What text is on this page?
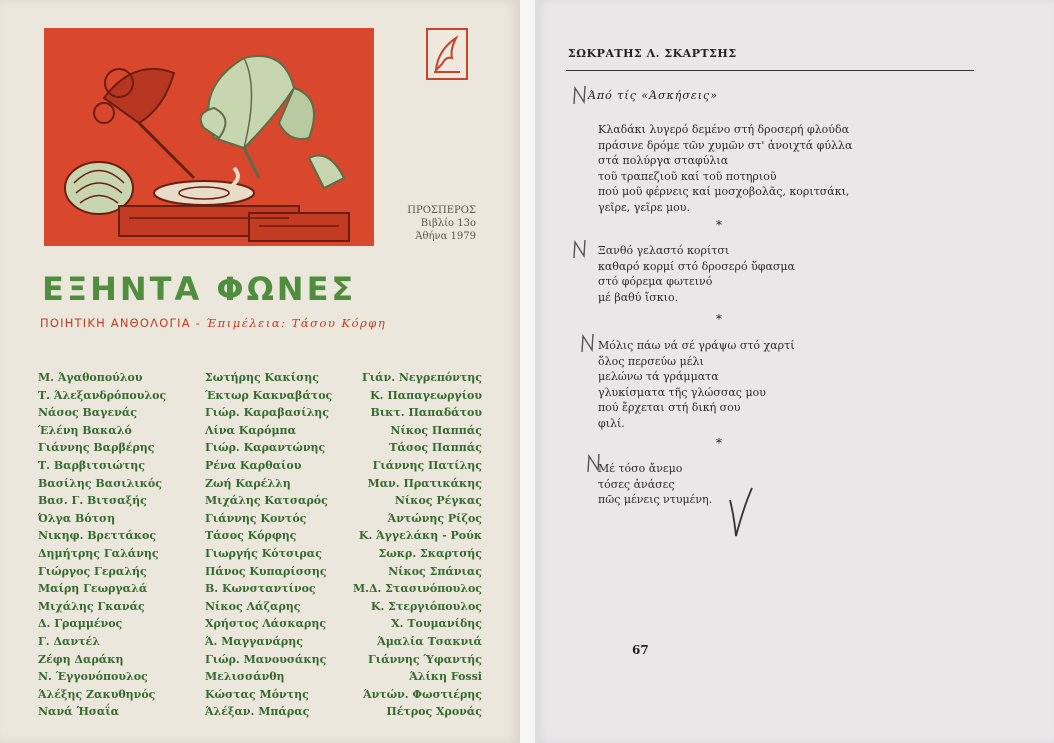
ΠΡΟΣΠΕΡΟΣ
Βιβλίο 13ο
Άθήνα 1979
ΕΞΗΝΤΑ ΦΩΝΕΣ
ΠΟΙΗΤΙΚΗ ΑΝΘΟΛΟΓΙΑ - Έπιμέλεια: Τάσου Κόρφη
Μ. Άγαθοπούλου
Τ. Άλεξανδρόπουλος
Νάσος Βαγενάς
Έλένη Βακαλό
Γιάννης Βαρβέρης
Τ. Βαρβιτσιώτης
Βασίλης Βασιλικός
Βασ. Γ. Βιτσαξής
Όλγα Βότση
Νικηφ. Βρεττάκος
Δημήτρης Γαλάνης
Γιώργος Γεραλής
Μαίρη Γεωργαλά
Μιχάλης Γκανάς
Δ. Γραμμένος
Γ. Δαντέλ
Ζέφη Δαράκη
Ν. Έγγονόπουλος
Άλέξης Ζακυθηνός
Νανά Ήσαΐα
Σωτήρης Κακίσης
Έκτωρ Κακναβάτος
Γιώρ. Καραβασίλης
Λίνα Καρόμπα
Γιώρ. Καραντώνης
Ρένα Καρθαίου
Ζωή Καρέλλη
Μιχάλης Κατσαρός
Γιάννης Κοντός
Τάσος Κόρφης
Γιωργής Κότσιρας
Πάνος Κυπαρίσσης
Β. Κωνσταντίνος
Νίκος Λάζαρης
Χρήστος Λάσκαρης
Ά. Μαγγανάρης
Γιώρ. Μανουσάκης
Μελισσάνθη
Κώστας Μόντης
Άλέξαν. Μπάρας
Γιάν. Νεγρεπόντης
Κ. Παπαγεωργίου
Βικτ. Παπαδάτου
Νίκος Παππάς
Τάσος Παππάς
Γιάννης Πατίλης
Μαν. Πρατικάκης
Νίκος Ρέγκας
Άντώνης Ρίζος
Κ. Άγγελάκη - Ρούκ
Σωκρ. Σκαρτσής
Νίκος Σπάνιας
Μ.Δ. Στασινόπουλος
Κ. Στεργιόπουλος
Χ. Τουμανίδης
Άμαλία Τσακνιά
Γιάννης Ύφαντής
Άλίκη Fossi
Άντών. Φωστιέρης
Πέτρος Χρονάς
ΣΩΚΡΑΤΗΣ Λ. ΣΚΑΡΤΣΗΣ
Άπό τίς «Άσκήσεις»
Κλαδάκι λυγερό δεμένο στή δροσερή φλούδα
πράσινε δρόμε τῶν χυμῶν στ' ἀνοιχτά φύλλα
στά πολύργα σταφύλια
τοῦ τραπεζιοῦ καί τοῦ ποτηριοῦ
πού μοῦ φέρνεις καί μοσχοβολᾶς, κοριτσάκι,
γεῖρε, γεῖρε μου.
*
Ξανθό γελαστό κορίτσι
καθαρό κορμί στό δροσερό ὕφασμα
στό φόρεμα φωτεινό
μέ βαθύ ἴσκιο.
*
Μόλις πάω νά σέ γράψω στό χαρτί
ὅλος περσεύω μέλι
μελώνω τά γράμματα
γλυκίσματα τῆς γλώσσας μου
πού ἔρχεται στή δική σου
φιλί.
*
Μέ τόσο ἄνεμο
τόσες ἀνάσες
πῶς μένεις ντυμένη.
67
